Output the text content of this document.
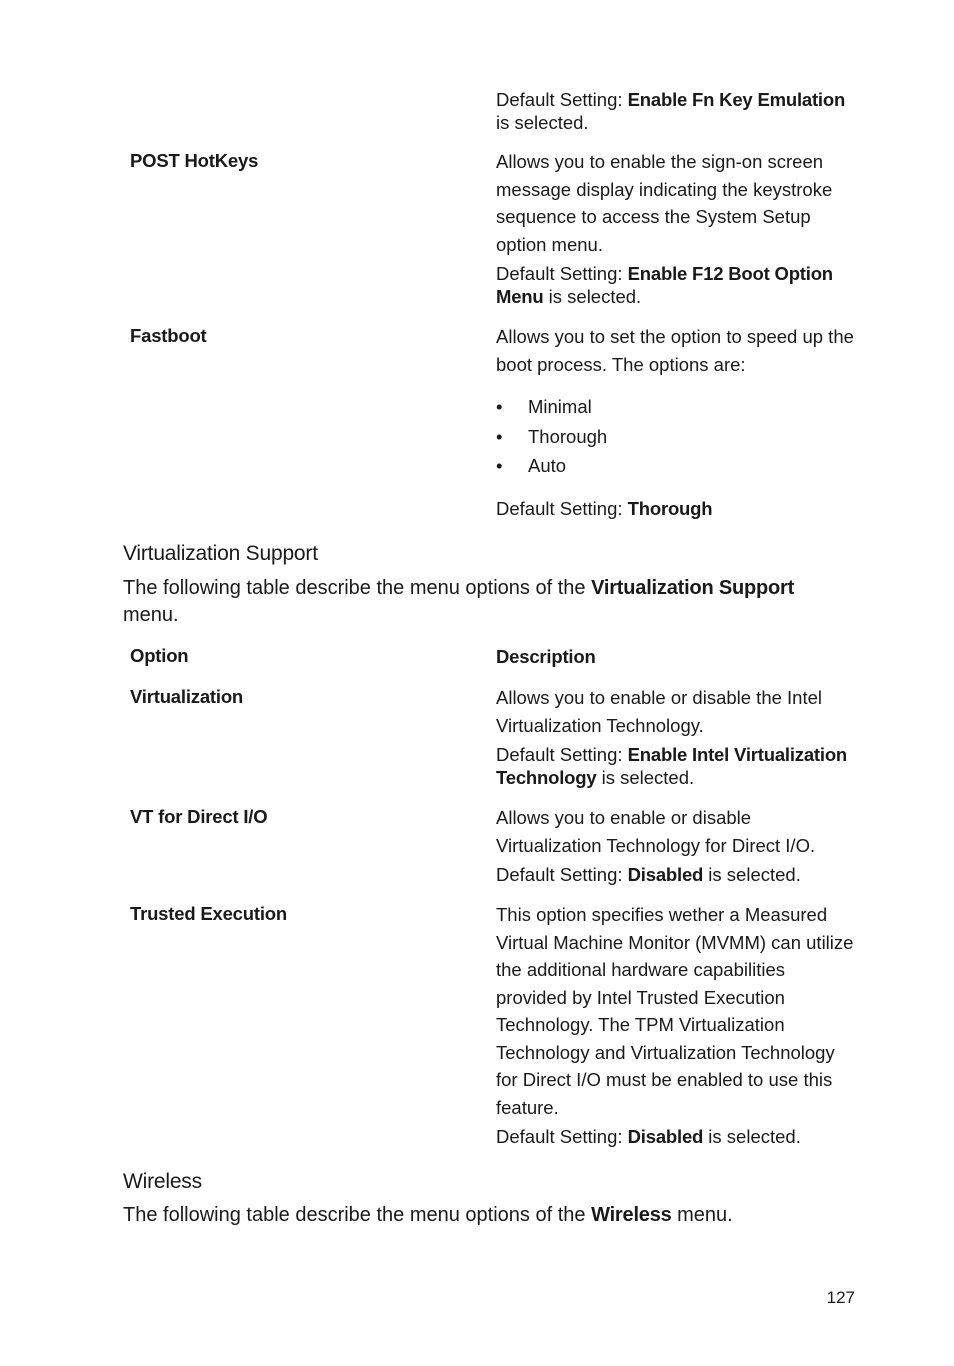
Default Setting: Enable Fn Key Emulation is selected.
POST HotKeys	Allows you to enable the sign-on screen message display indicating the keystroke sequence to access the System Setup option menu.

Default Setting: Enable F12 Boot Option Menu is selected.

Fastboot	Allows you to set the option to speed up the boot process. The options are:
• Minimal
• Thorough
• Auto
Default Setting: Thorough
Virtualization Support
The following table describe the menu options of the Virtualization Support menu.
Option	Description
Virtualization	Allows you to enable or disable the Intel Virtualization Technology.

Default Setting: Enable Intel Virtualization Technology is selected.

VT for Direct I/O	Allows you to enable or disable Virtualization Technology for Direct I/O.

Default Setting: Disabled is selected.

Trusted Execution	This option specifies wether a Measured Virtual Machine Monitor (MVMM) can utilize the additional hardware capabilities provided by Intel Trusted Execution Technology. The TPM Virtualization Technology and Virtualization Technology for Direct I/O must be enabled to use this feature.

Default Setting: Disabled is selected.

Wireless
The following table describe the menu options of the Wireless menu.
127
